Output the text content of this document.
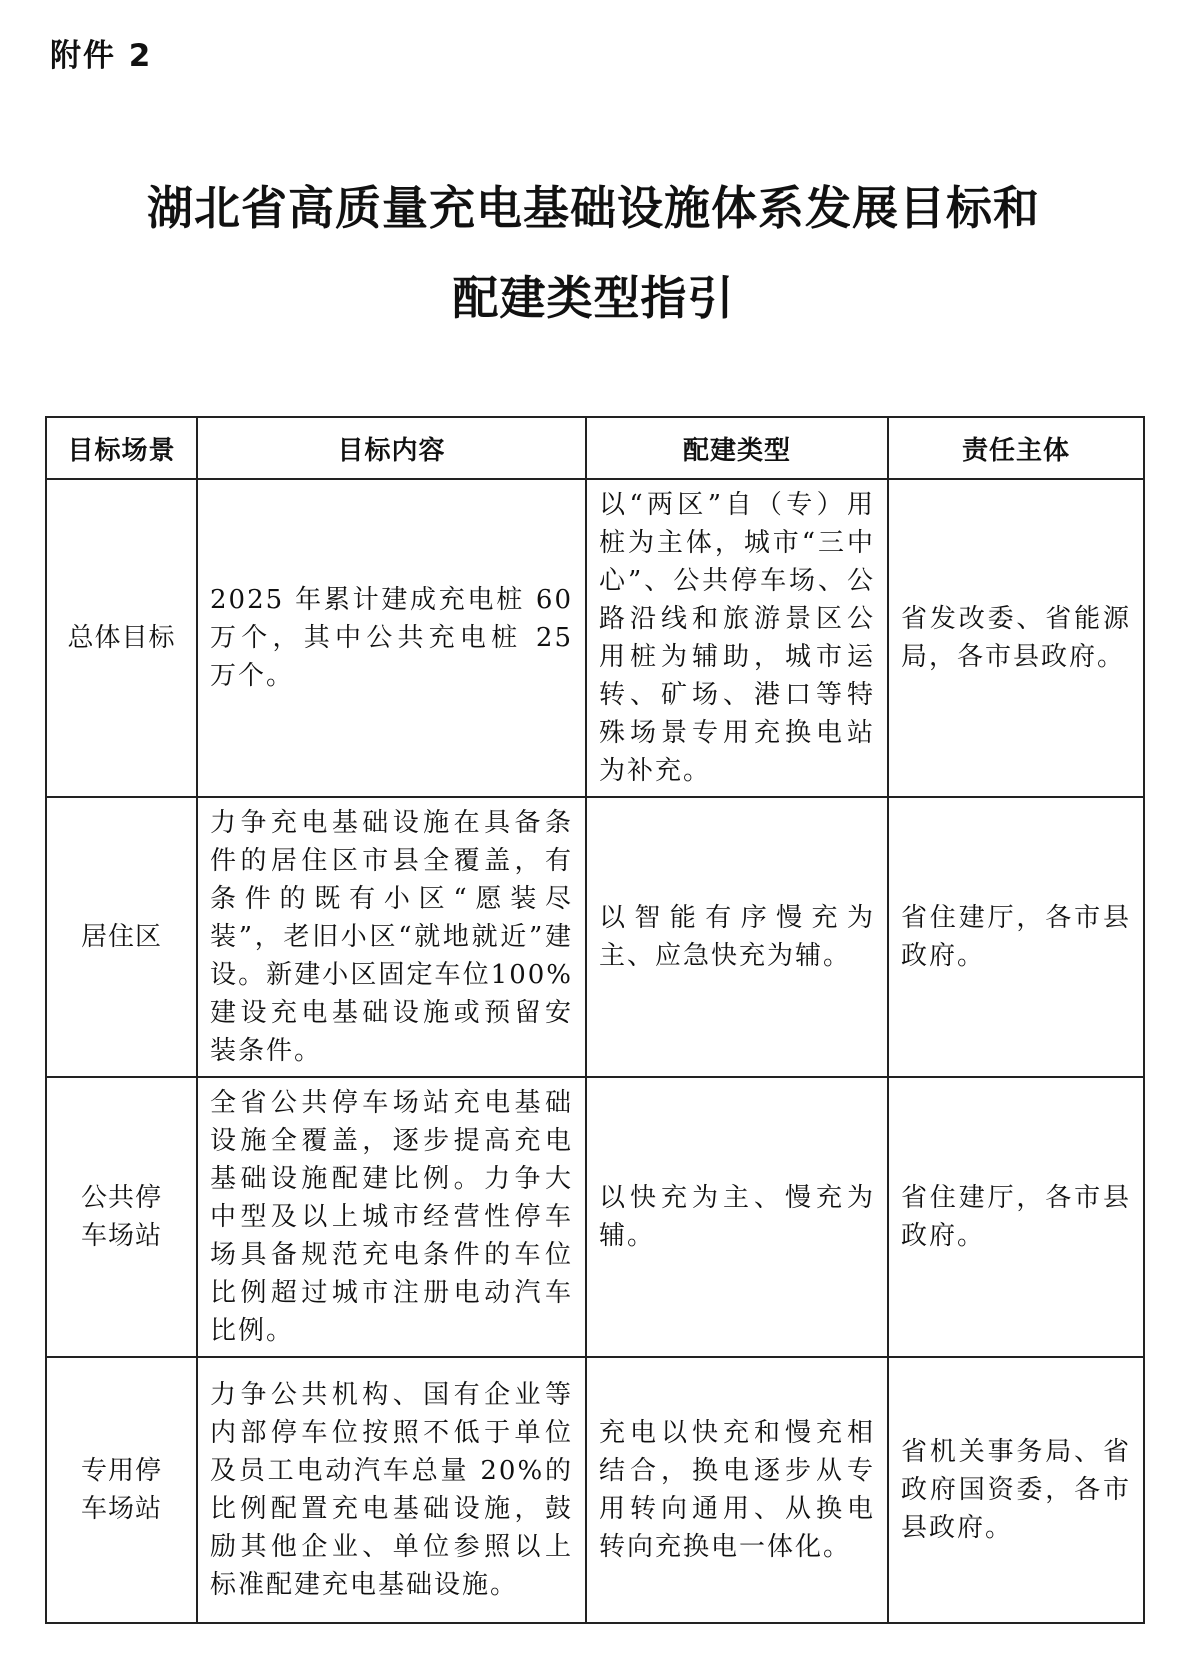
附件 2
湖北省高质量充电基础设施体系发展目标和
配建类型指引
目标场景	目标内容	配建类型	责任主体
总体目标	2025 年累计建成充电桩 60 万个，其中公共充电桩 25 万个。	以“两区”自（专）用桩为主体，城市“三中心”、公共停车场、公路沿线和旅游景区公用桩为辅助，城市运转、矿场、港口等特殊场景专用充换电站为补充。	省发改委、省能源局，各市县政府。
居住区	力争充电基础设施在具备条件的居住区市县全覆盖，有条件的既有小区“愿装尽装”，老旧小区“就地就近”建设。新建小区固定车位100%建设充电基础设施或预留安装条件。	以智能有序慢充为主、应急快充为辅。	省住建厅，各市县政府。
公共停车场站	全省公共停车场站充电基础设施全覆盖，逐步提高充电基础设施配建比例。力争大中型及以上城市经营性停车场具备规范充电条件的车位比例超过城市注册电动汽车比例。	以快充为主、慢充为辅。	省住建厅，各市县政府。
专用停车场站	力争公共机构、国有企业等内部停车位按照不低于单位及员工电动汽车总量 20%的比例配置充电基础设施，鼓励其他企业、单位参照以上标准配建充电基础设施。	充电以快充和慢充相结合，换电逐步从专用转向通用、从换电转向充换电一体化。	省机关事务局、省政府国资委，各市县政府。
